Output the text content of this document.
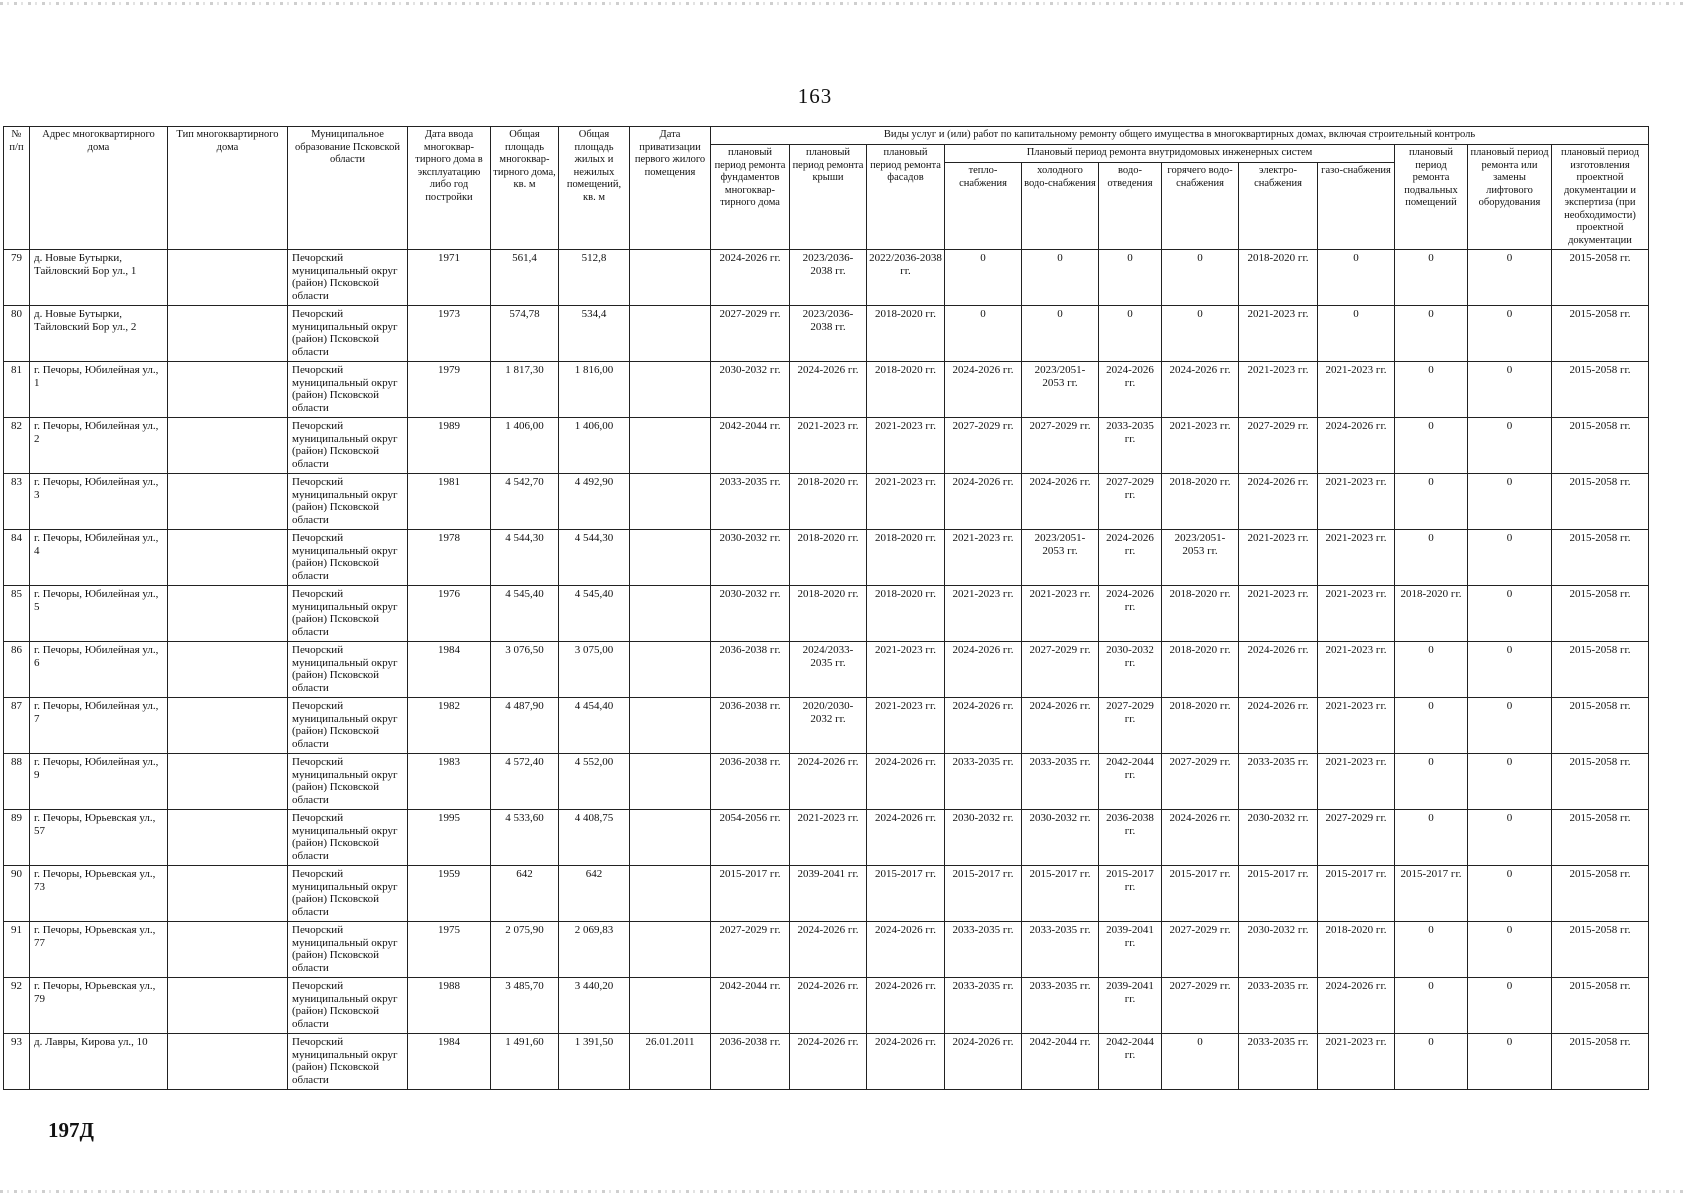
163
№ п/п	Адрес многоквартирного дома	Тип многоквартирного дома	Муниципальное образование Псковской области	Дата ввода многоквар-тирного дома в эксплуатацию либо год постройки	Общая площадь многоквар-тирного дома, кв. м	Общая площадь жилых и нежилых помещений, кв. м	Дата приватизации первого жилого помещения	Виды услуг и (или) работ по капитальному ремонту общего имущества в многоквартирных домах, включая строительный контроль											
								плановый период ремонта фундаментов многоквар-тирного дома	плановый период ремонта крыши	плановый период ремонта фасадов	Плановый период ремонта внутридомовых инженерных систем						плановый период ремонта подвальных помещений	плановый период ремонта или замены лифтового оборудования	плановый период изготовления проектной документации и экспертиза (при необходимости) проектной документации
											тепло-снабжения	холодного водо-снабжения	водо-отведения	горячего водо-снабжения	электро-снабжения	газо-снабжения			
79	д. Новые Бутырки, Тайловский Бор ул., 1		Печорский муниципальный округ (район) Псковской области	1971	561,4	512,8		2024-2026 гг.	2023/2036-2038 гг.	2022/2036-2038 гг.	0	0	0	0	2018-2020 гг.	0	0	0	2015-2058 гг.
80	д. Новые Бутырки, Тайловский Бор ул., 2		Печорский муниципальный округ (район) Псковской области	1973	574,78	534,4		2027-2029 гг.	2023/2036-2038 гг.	2018-2020 гг.	0	0	0	0	2021-2023 гг.	0	0	0	2015-2058 гг.
81	г. Печоры, Юбилейная ул., 1		Печорский муниципальный округ (район) Псковской области	1979	1 817,30	1 816,00		2030-2032 гг.	2024-2026 гг.	2018-2020 гг.	2024-2026 гг.	2023/2051-2053 гг.	2024-2026 гг.	2024-2026 гг.	2021-2023 гг.	2021-2023 гг.	0	0	2015-2058 гг.
82	г. Печоры, Юбилейная ул., 2		Печорский муниципальный округ (район) Псковской области	1989	1 406,00	1 406,00		2042-2044 гг.	2021-2023 гг.	2021-2023 гг.	2027-2029 гг.	2027-2029 гг.	2033-2035 гг.	2021-2023 гг.	2027-2029 гг.	2024-2026 гг.	0	0	2015-2058 гг.
83	г. Печоры, Юбилейная ул., 3		Печорский муниципальный округ (район) Псковской области	1981	4 542,70	4 492,90		2033-2035 гг.	2018-2020 гг.	2021-2023 гг.	2024-2026 гг.	2024-2026 гг.	2027-2029 гг.	2018-2020 гг.	2024-2026 гг.	2021-2023 гг.	0	0	2015-2058 гг.
84	г. Печоры, Юбилейная ул., 4		Печорский муниципальный округ (район) Псковской области	1978	4 544,30	4 544,30		2030-2032 гг.	2018-2020 гг.	2018-2020 гг.	2021-2023 гг.	2023/2051-2053 гг.	2024-2026 гг.	2023/2051-2053 гг.	2021-2023 гг.	2021-2023 гг.	0	0	2015-2058 гг.
85	г. Печоры, Юбилейная ул., 5		Печорский муниципальный округ (район) Псковской области	1976	4 545,40	4 545,40		2030-2032 гг.	2018-2020 гг.	2018-2020 гг.	2021-2023 гг.	2021-2023 гг.	2024-2026 гг.	2018-2020 гг.	2021-2023 гг.	2021-2023 гг.	2018-2020 гг.	0	2015-2058 гг.
86	г. Печоры, Юбилейная ул., 6		Печорский муниципальный округ (район) Псковской области	1984	3 076,50	3 075,00		2036-2038 гг.	2024/2033-2035 гг.	2021-2023 гг.	2024-2026 гг.	2027-2029 гг.	2030-2032 гг.	2018-2020 гг.	2024-2026 гг.	2021-2023 гг.	0	0	2015-2058 гг.
87	г. Печоры, Юбилейная ул., 7		Печорский муниципальный округ (район) Псковской области	1982	4 487,90	4 454,40		2036-2038 гг.	2020/2030-2032 гг.	2021-2023 гг.	2024-2026 гг.	2024-2026 гг.	2027-2029 гг.	2018-2020 гг.	2024-2026 гг.	2021-2023 гг.	0	0	2015-2058 гг.
88	г. Печоры, Юбилейная ул., 9		Печорский муниципальный округ (район) Псковской области	1983	4 572,40	4 552,00		2036-2038 гг.	2024-2026 гг.	2024-2026 гг.	2033-2035 гг.	2033-2035 гг.	2042-2044 гг.	2027-2029 гг.	2033-2035 гг.	2021-2023 гг.	0	0	2015-2058 гг.
89	г. Печоры, Юрьевская ул., 57		Печорский муниципальный округ (район) Псковской области	1995	4 533,60	4 408,75		2054-2056 гг.	2021-2023 гг.	2024-2026 гг.	2030-2032 гг.	2030-2032 гг.	2036-2038 гг.	2024-2026 гг.	2030-2032 гг.	2027-2029 гг.	0	0	2015-2058 гг.
90	г. Печоры, Юрьевская ул., 73		Печорский муниципальный округ (район) Псковской области	1959	642	642		2015-2017 гг.	2039-2041 гг.	2015-2017 гг.	2015-2017 гг.	2015-2017 гг.	2015-2017 гг.	2015-2017 гг.	2015-2017 гг.	2015-2017 гг.	2015-2017 гг.	0	2015-2058 гг.
91	г. Печоры, Юрьевская ул., 77		Печорский муниципальный округ (район) Псковской области	1975	2 075,90	2 069,83		2027-2029 гг.	2024-2026 гг.	2024-2026 гг.	2033-2035 гг.	2033-2035 гг.	2039-2041 гг.	2027-2029 гг.	2030-2032 гг.	2018-2020 гг.	0	0	2015-2058 гг.
92	г. Печоры, Юрьевская ул., 79		Печорский муниципальный округ (район) Псковской области	1988	3 485,70	3 440,20		2042-2044 гг.	2024-2026 гг.	2024-2026 гг.	2033-2035 гг.	2033-2035 гг.	2039-2041 гг.	2027-2029 гг.	2033-2035 гг.	2024-2026 гг.	0	0	2015-2058 гг.
93	д. Лавры, Кирова ул., 10		Печорский муниципальный округ (район) Псковской области	1984	1 491,60	1 391,50	26.01.2011	2036-2038 гг.	2024-2026 гг.	2024-2026 гг.	2024-2026 гг.	2042-2044 гг.	2042-2044 гг.	0	2033-2035 гг.	2021-2023 гг.	0	0	2015-2058 гг.
197Д
